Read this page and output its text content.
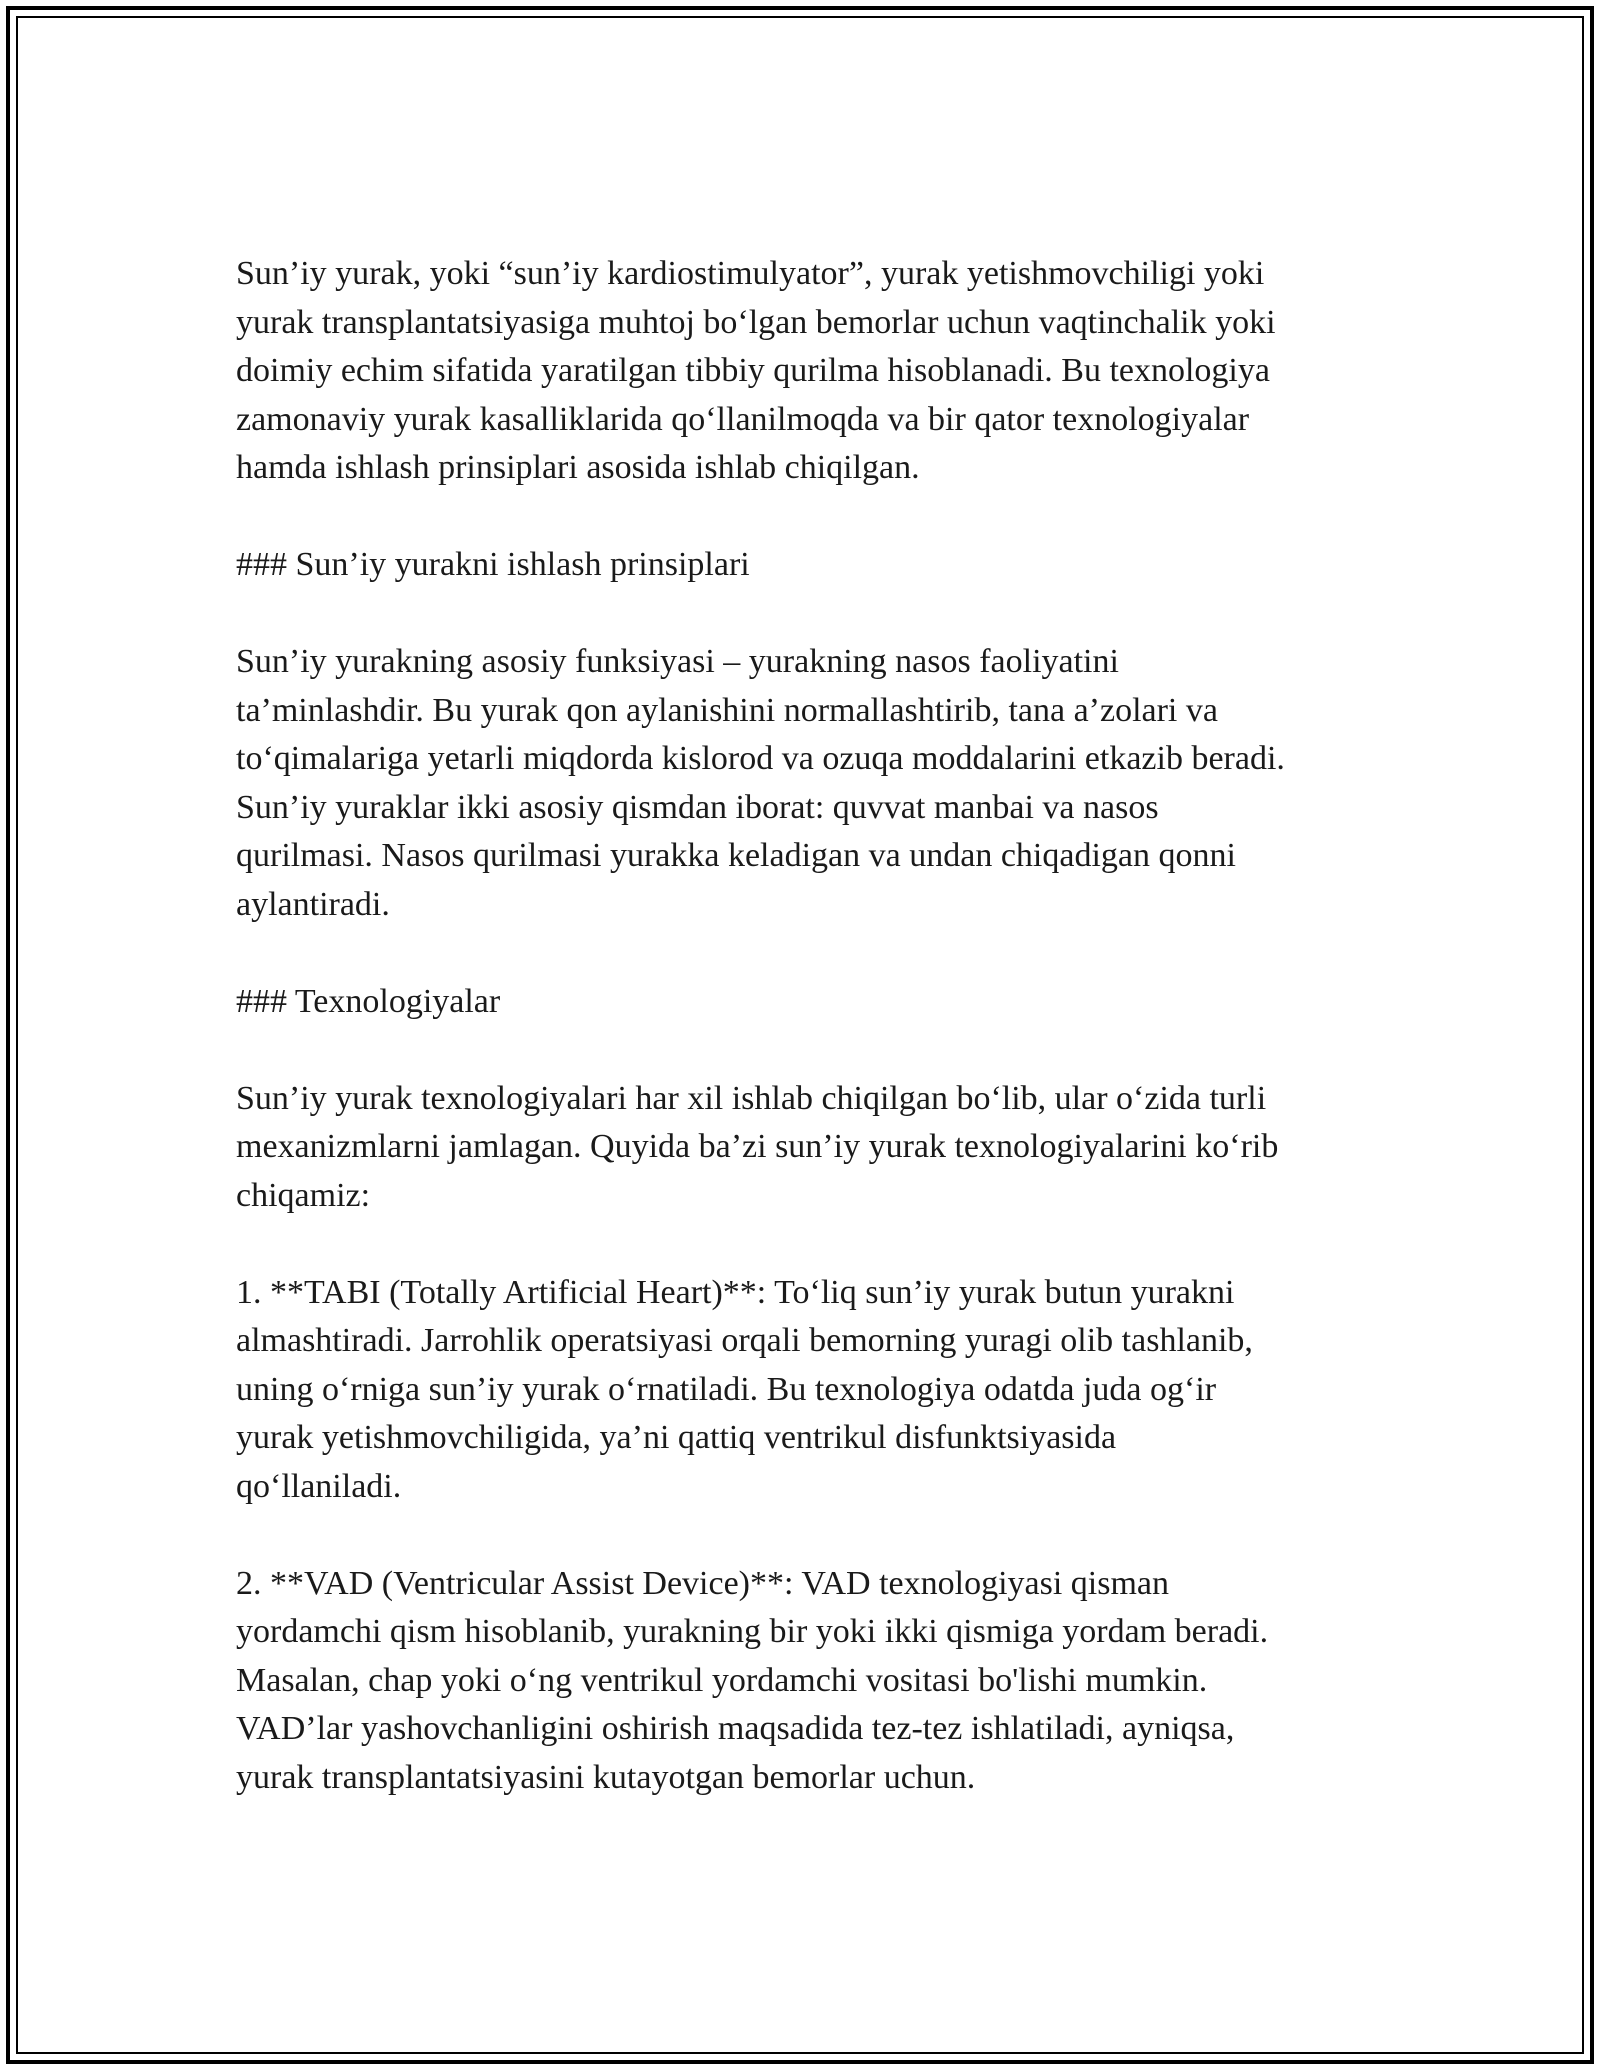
Sun’iy yurak, yoki “sun’iy kardiostimulyator”, yurak yetishmovchiligi yoki
yurak transplantatsiyasiga muhtoj bo‘lgan bemorlar uchun vaqtinchalik yoki
doimiy echim sifatida yaratilgan tibbiy qurilma hisoblanadi. Bu texnologiya
zamonaviy yurak kasalliklarida qo‘llanilmoqda va bir qator texnologiyalar
hamda ishlash prinsiplari asosida ishlab chiqilgan.

### Sun’iy yurakni ishlash prinsiplari

Sun’iy yurakning asosiy funksiyasi – yurakning nasos faoliyatini
ta’minlashdir. Bu yurak qon aylanishini normallashtirib, tana a’zolari va
to‘qimalariga yetarli miqdorda kislorod va ozuqa moddalarini etkazib beradi.
Sun’iy yuraklar ikki asosiy qismdan iborat: quvvat manbai va nasos
qurilmasi. Nasos qurilmasi yurakka keladigan va undan chiqadigan qonni
aylantiradi.

### Texnologiyalar

Sun’iy yurak texnologiyalari har xil ishlab chiqilgan bo‘lib, ular o‘zida turli
mexanizmlarni jamlagan. Quyida ba’zi sun’iy yurak texnologiyalarini ko‘rib
chiqamiz:

1. **TABI (Totally Artificial Heart)**: To‘liq sun’iy yurak butun yurakni
almashtiradi. Jarrohlik operatsiyasi orqali bemorning yuragi olib tashlanib,
uning o‘rniga sun’iy yurak o‘rnatiladi. Bu texnologiya odatda juda og‘ir
yurak yetishmovchiligida, ya’ni qattiq ventrikul disfunktsiyasida
qo‘llaniladi.

2. **VAD (Ventricular Assist Device)**: VAD texnologiyasi qisman
yordamchi qism hisoblanib, yurakning bir yoki ikki qismiga yordam beradi.
Masalan, chap yoki o‘ng ventrikul yordamchi vositasi bo'lishi mumkin.
VAD’lar yashovchanligini oshirish maqsadida tez-tez ishlatiladi, ayniqsa,
yurak transplantatsiyasini kutayotgan bemorlar uchun.
